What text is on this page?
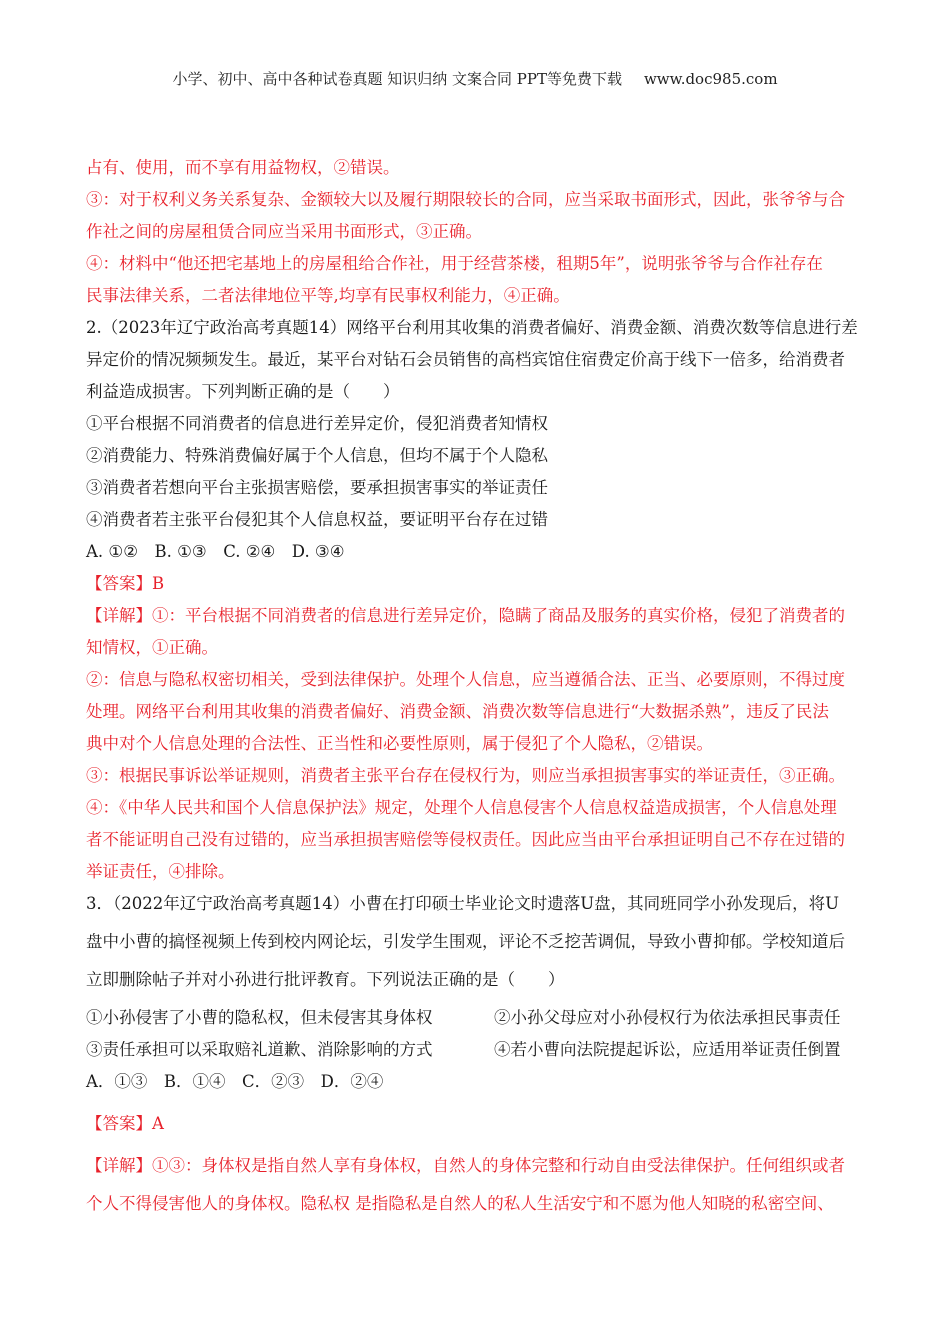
小学、初中、高中各种试卷真题 知识归纳 文案合同 PPT等免费下载 www.doc985.com

占有、使用，而不享有用益物权，②错误。

③：对于权利义务关系复杂、金额较大以及履行期限较长的合同，应当采取书面形式，因此，张爷爷与合

作社之间的房屋租赁合同应当采用书面形式，③正确。

④：材料中“他还把宅基地上的房屋租给合作社，用于经营茶楼，租期5年”，说明张爷爷与合作社存在

民事法律关系，二者法律地位平等,均享有民事权利能力，④正确。

2.（2023年辽宁政治高考真题14）网络平台利用其收集的消费者偏好、消费金额、消费次数等信息进行差

异定价的情况频频发生。最近，某平台对钻石会员销售的高档宾馆住宿费定价高于线下一倍多，给消费者

利益造成损害。下列判断正确的是（　　）

①平台根据不同消费者的信息进行差异定价，侵犯消费者知情权

②消费能力、特殊消费偏好属于个人信息，但均不属于个人隐私

③消费者若想向平台主张损害赔偿，要承担损害事实的举证责任

④消费者若主张平台侵犯其个人信息权益，要证明平台存在过错

A. ①②　B. ①③　C. ②④　D. ③④

【答案】B

【详解】①：平台根据不同消费者的信息进行差异定价，隐瞒了商品及服务的真实价格，侵犯了消费者的

知情权，①正确。

②：信息与隐私权密切相关，受到法律保护。处理个人信息，应当遵循合法、正当、必要原则，不得过度

处理。网络平台利用其收集的消费者偏好、消费金额、消费次数等信息进行“大数据杀熟”，违反了民法

典中对个人信息处理的合法性、正当性和必要性原则，属于侵犯了个人隐私，②错误。

③：根据民事诉讼举证规则，消费者主张平台存在侵权行为，则应当承担损害事实的举证责任，③正确。

④：《中华人民共和国个人信息保护法》规定，处理个人信息侵害个人信息权益造成损害，个人信息处理

者不能证明自己没有过错的，应当承担损害赔偿等侵权责任。因此应当由平台承担证明自己不存在过错的

举证责任，④排除。

3．（2022年辽宁政治高考真题14）小曹在打印硕士毕业论文时遗落U盘，其同班同学小孙发现后，将U

盘中小曹的搞怪视频上传到校内网论坛，引发学生围观，评论不乏挖苦调侃，导致小曹抑郁。学校知道后

立即删除帖子并对小孙进行批评教育。下列说法正确的是（　　）

①小孙侵害了小曹的隐私权，但未侵害其身体权	②小孙父母应对小孙侵权行为依法承担民事责任

③责任承担可以采取赔礼道歉、消除影响的方式	④若小曹向法院提起诉讼，应适用举证责任倒置

A．①③　B．①④　C．②③　D．②④

【答案】A

【详解】①③：身体权是指自然人享有身体权，自然人的身体完整和行动自由受法律保护。任何组织或者

个人不得侵害他人的身体权。隐私权 是指隐私是自然人的私人生活安宁和不愿为他人知晓的私密空间、
